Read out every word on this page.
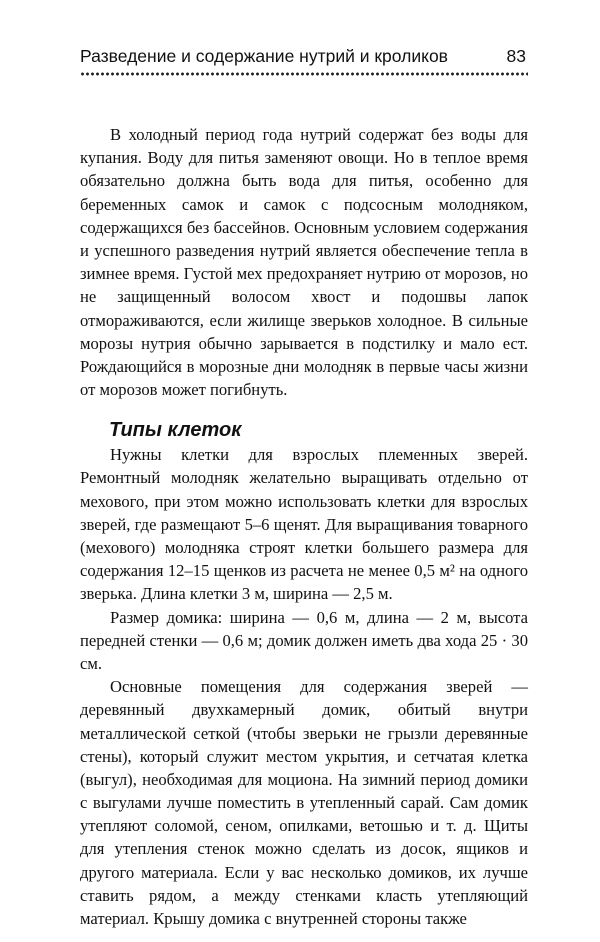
Разведение и содержание нутрий и кроликов	83

В холодный период года нутрий содержат без воды для купания. Воду для питья заменяют овощи. Но в теплое время обязательно должна быть вода для питья, особенно для беременных самок и самок с подсосным молодняком, содержащихся без бассейнов. Основным условием содержания и успешного разведения нутрий является обеспечение тепла в зимнее время. Густой мех предохраняет нутрию от морозов, но не защищенный волосом хвост и подошвы лапок отмораживаются, если жилище зверьков холодное. В сильные морозы нутрия обычно зарывается в подстилку и мало ест. Рождающийся в морозные дни молодняк в первые часы жизни от морозов может погибнуть.

Типы клеток

Нужны клетки для взрослых племенных зверей. Ремонтный молодняк желательно выращивать отдельно от мехового, при этом можно использовать клетки для взрослых зверей, где размещают 5–6 щенят. Для выращивания товарного (мехового) молодняка строят клетки большего размера для содержания 12–15 щенков из расчета не менее 0,5 м² на одного зверька. Длина клетки 3 м, ширина — 2,5 м.

Размер домика: ширина — 0,6 м, длина — 2 м, высота передней стенки — 0,6 м; домик должен иметь два хода 25 · 30 см.

Основные помещения для содержания зверей — деревянный двухкамерный домик, обитый внутри металлической сеткой (чтобы зверьки не грызли деревянные стены), который служит местом укрытия, и сетчатая клетка (выгул), необходимая для моциона. На зимний период домики с выгулами лучше поместить в утепленный сарай. Сам домик утепляют соломой, сеном, опилками, ветошью и т. д. Щиты для утепления стенок можно сделать из досок, ящиков и другого материала. Если у вас несколько домиков, их лучше ставить рядом, а между стенками класть утепляющий материал. Крышу домика с внутренней стороны также
